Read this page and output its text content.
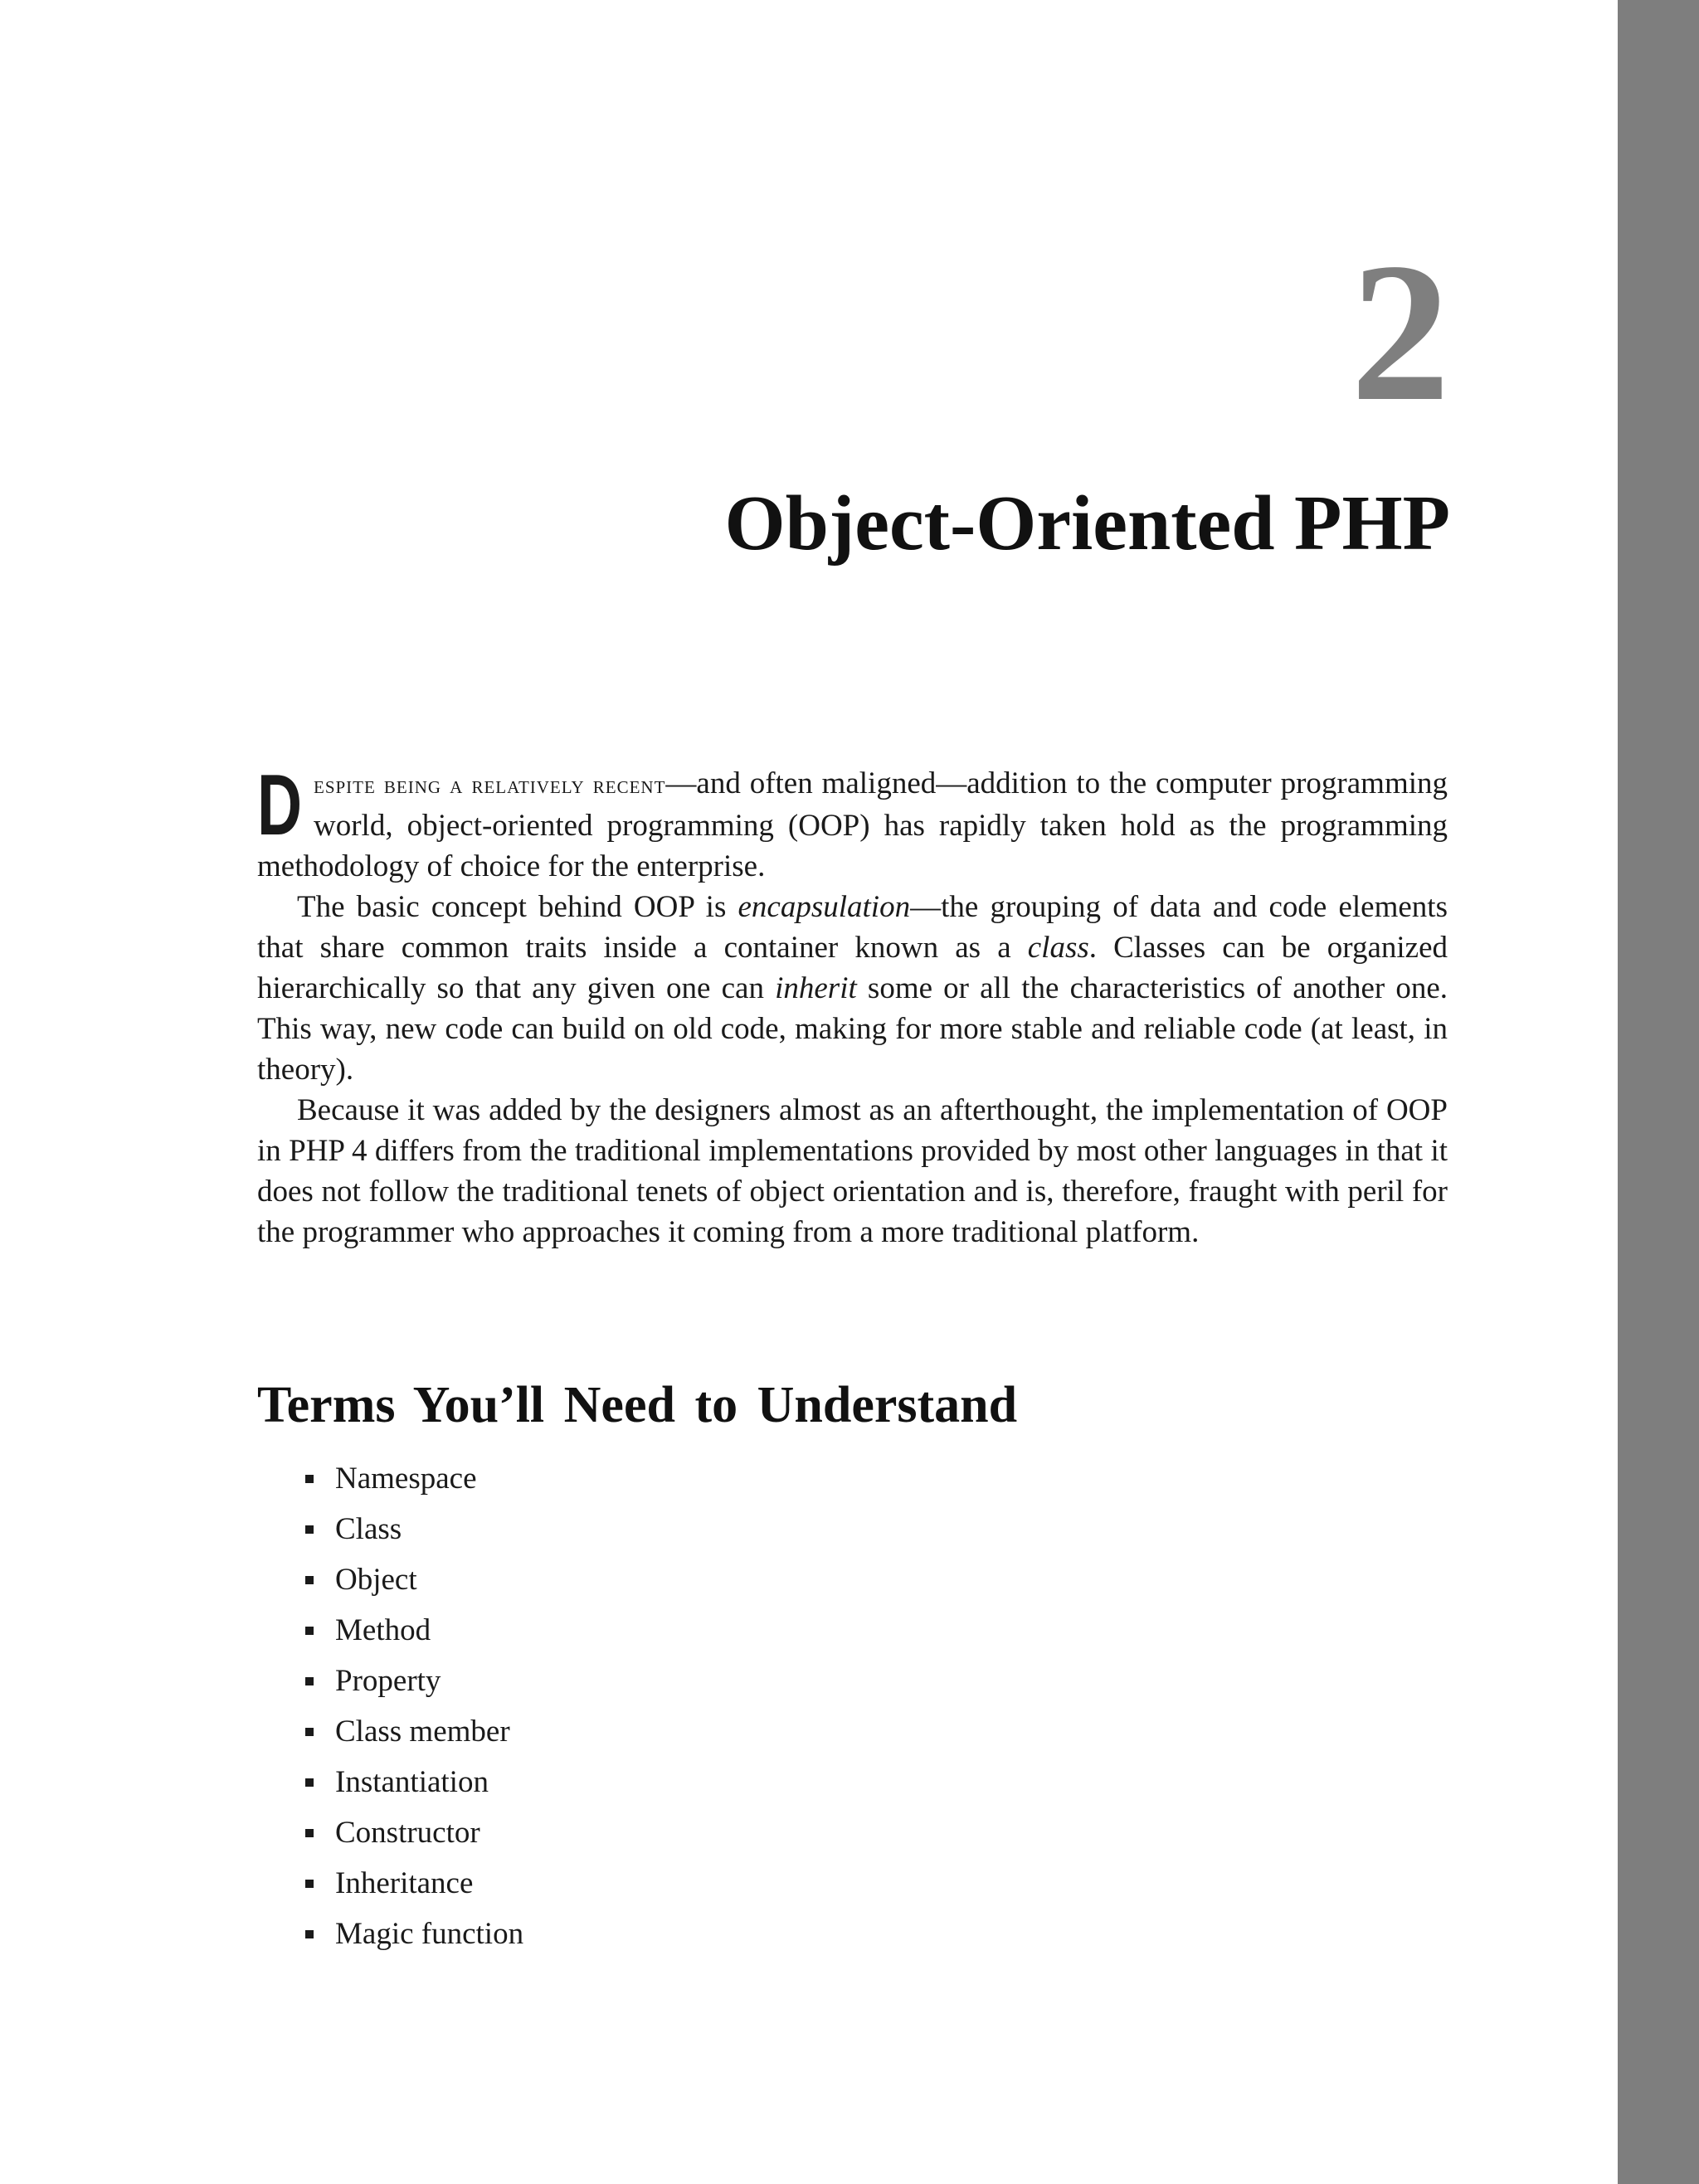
2
Object-Oriented PHP

Despite being a relatively recent—and often maligned—addition to the computer programming world, object-oriented programming (OOP) has rapidly taken hold as the programming methodology of choice for the enterprise.

The basic concept behind OOP is encapsulation—the grouping of data and code elements that share common traits inside a container known as a class. Classes can be organized hierarchically so that any given one can inherit some or all the characteristics of another one. This way, new code can build on old code, making for more stable and reliable code (at least, in theory).

Because it was added by the designers almost as an afterthought, the implementation of OOP in PHP 4 differs from the traditional implementations provided by most other languages in that it does not follow the traditional tenets of object orientation and is, therefore, fraught with peril for the programmer who approaches it coming from a more traditional platform.

Terms You’ll Need to Understand
Namespace
Class
Object
Method
Property
Class member
Instantiation
Constructor
Inheritance
Magic function
